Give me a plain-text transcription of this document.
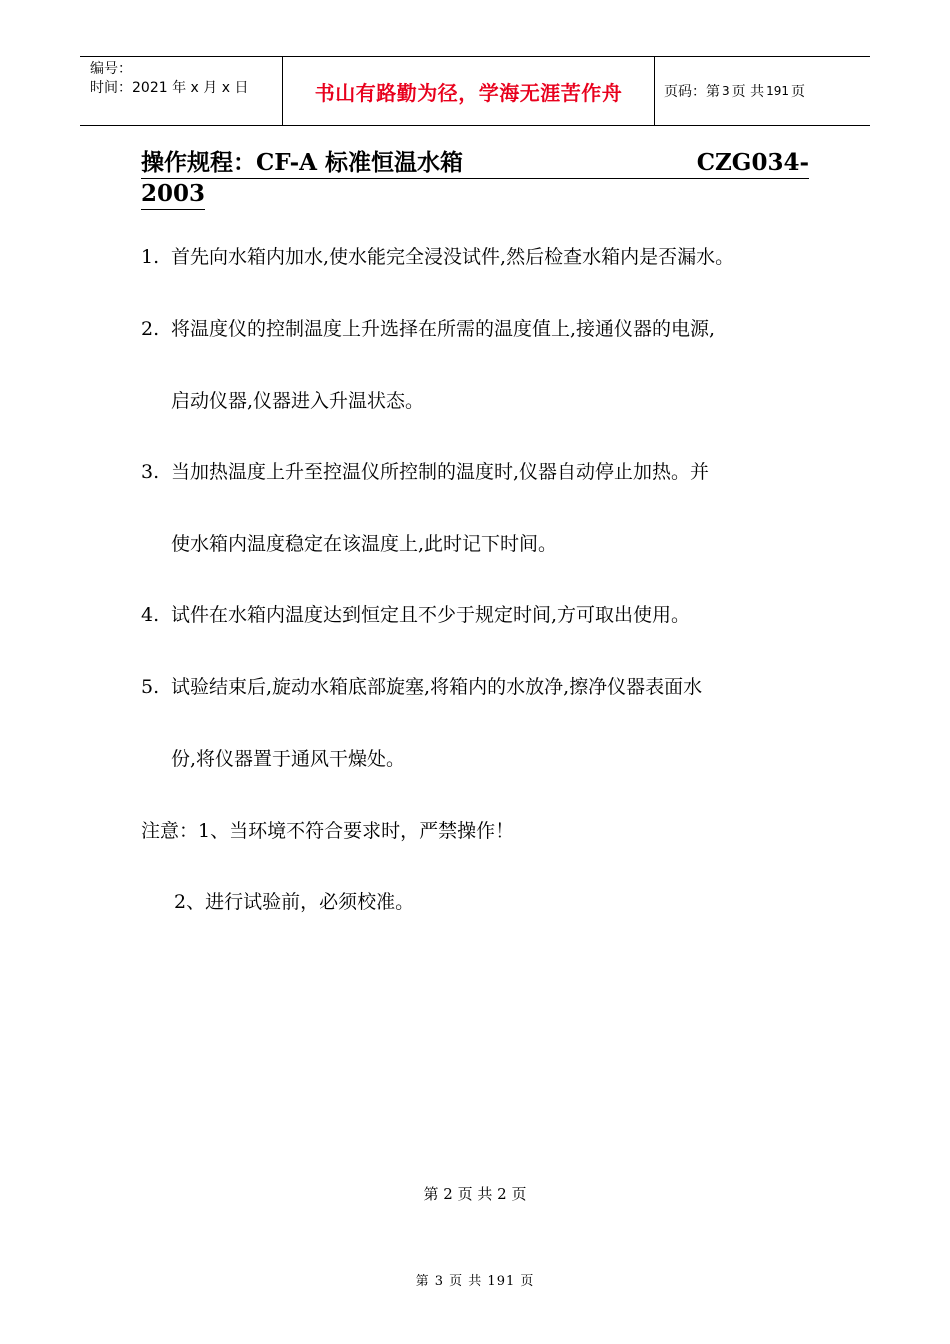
编号：
时间：2021 年 x 月 x 日	书山有路勤为径，学海无涯苦作舟	页码：第 3 页 共 191 页
操作规程：CF-A 标准恒温水箱	CZG034-
2003
1. 首先向水箱内加水,使水能完全浸没试件,然后检查水箱内是否漏水。
2. 将温度仪的控制温度上升选择在所需的温度值上,接通仪器的电源,
启动仪器,仪器进入升温状态。
3. 当加热温度上升至控温仪所控制的温度时,仪器自动停止加热。并
使水箱内温度稳定在该温度上,此时记下时间。
4. 试件在水箱内温度达到恒定且不少于规定时间,方可取出使用。
5. 试验结束后,旋动水箱底部旋塞,将箱内的水放净,擦净仪器表面水
份,将仪器置于通风干燥处。
注意：1、当环境不符合要求时，严禁操作！
2、进行试验前，必须校准。
第 2 页 共 2 页
第 3 页 共 191 页
